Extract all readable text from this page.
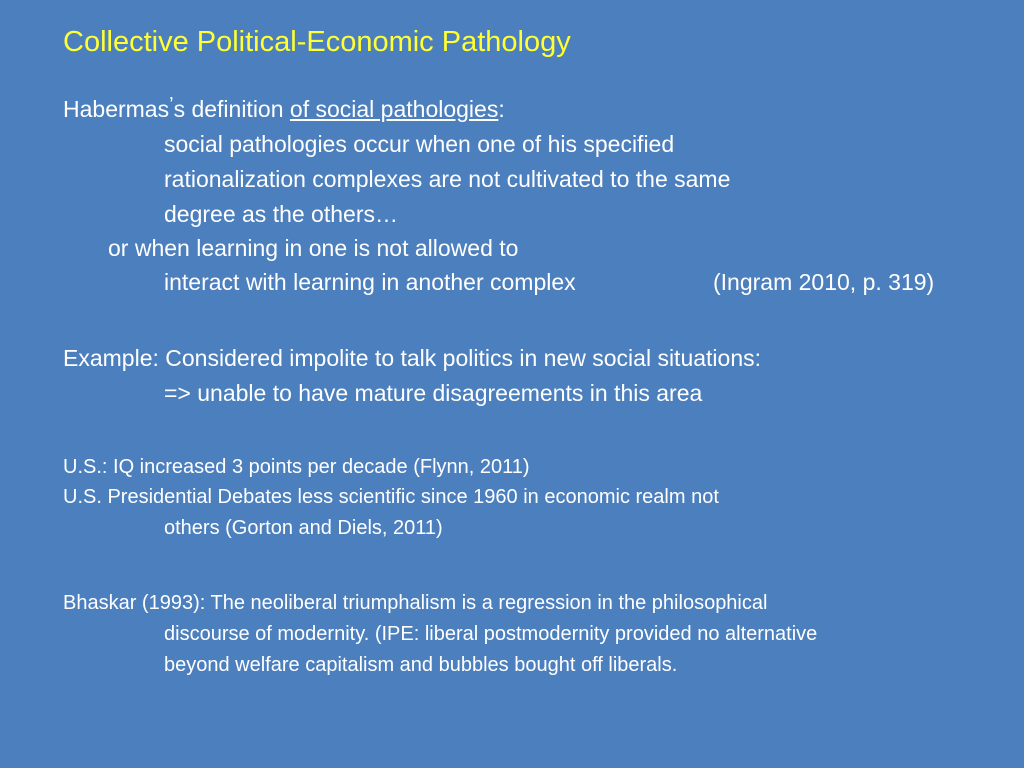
Collective Political-Economic Pathology
Habermas’s definition of social pathologies:
social pathologies occur when one of his specified
rationalization complexes are not cultivated to the same
degree as the others…
or when learning in one is not allowed to
interact with learning in another complex	(Ingram 2010, p. 319)
Example: Considered impolite to talk politics in new social situations:
=> unable to have mature disagreements in this area
U.S.: IQ increased 3 points per decade (Flynn, 2011)
U.S. Presidential Debates less scientific since 1960 in economic realm not
others (Gorton and Diels, 2011)
Bhaskar (1993): The neoliberal triumphalism is a regression in the philosophical
discourse of modernity. (IPE: liberal postmodernity provided no alternative
beyond welfare capitalism and bubbles bought off liberals.
